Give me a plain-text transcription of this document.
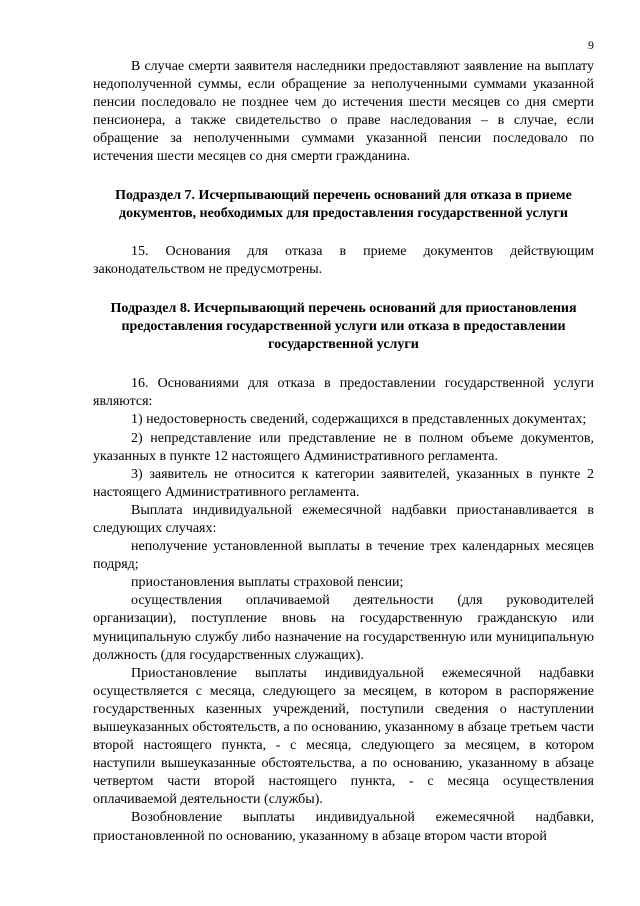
9

В случае смерти заявителя наследники предоставляют заявление на выплату недополученной суммы, если обращение за неполученными суммами указанной пенсии последовало не позднее чем до истечения шести месяцев со дня смерти пенсионера, а также свидетельство о праве наследования – в случае, если обращение за неполученными суммами указанной пенсии последовало по истечения шести месяцев со дня смерти гражданина.

Подраздел 7. Исчерпывающий перечень оснований для отказа в приеме документов, необходимых для предоставления государственной услуги

15. Основания для отказа в приеме документов действующим законодательством не предусмотрены.

Подраздел 8. Исчерпывающий перечень оснований для приостановления предоставления государственной услуги или отказа в предоставлении государственной услуги

16. Основаниями для отказа в предоставлении государственной услуги являются:

1) недостоверность сведений, содержащихся в представленных документах;

2) непредставление или представление не в полном объеме документов, указанных в пункте 12 настоящего Административного регламента.

3) заявитель не относится к категории заявителей, указанных в пункте 2 настоящего Административного регламента.

Выплата индивидуальной ежемесячной надбавки приостанавливается в следующих случаях:

неполучение установленной выплаты в течение трех календарных месяцев подряд;

приостановления выплаты страховой пенсии;

осуществления оплачиваемой деятельности (для руководителей организации), поступление вновь на государственную гражданскую или муниципальную службу либо назначение на государственную или муниципальную должность (для государственных служащих).

Приостановление выплаты индивидуальной ежемесячной надбавки осуществляется с месяца, следующего за месяцем, в котором в распоряжение государственных казенных учреждений, поступили сведения о наступлении вышеуказанных обстоятельств, а по основанию, указанному в абзаце третьем части второй настоящего пункта, - с месяца, следующего за месяцем, в котором наступили вышеуказанные обстоятельства, а по основанию, указанному в абзаце четвертом части второй настоящего пункта, - с месяца осуществления оплачиваемой деятельности (службы).

Возобновление выплаты индивидуальной ежемесячной надбавки, приостановленной по основанию, указанному в абзаце втором части второй
